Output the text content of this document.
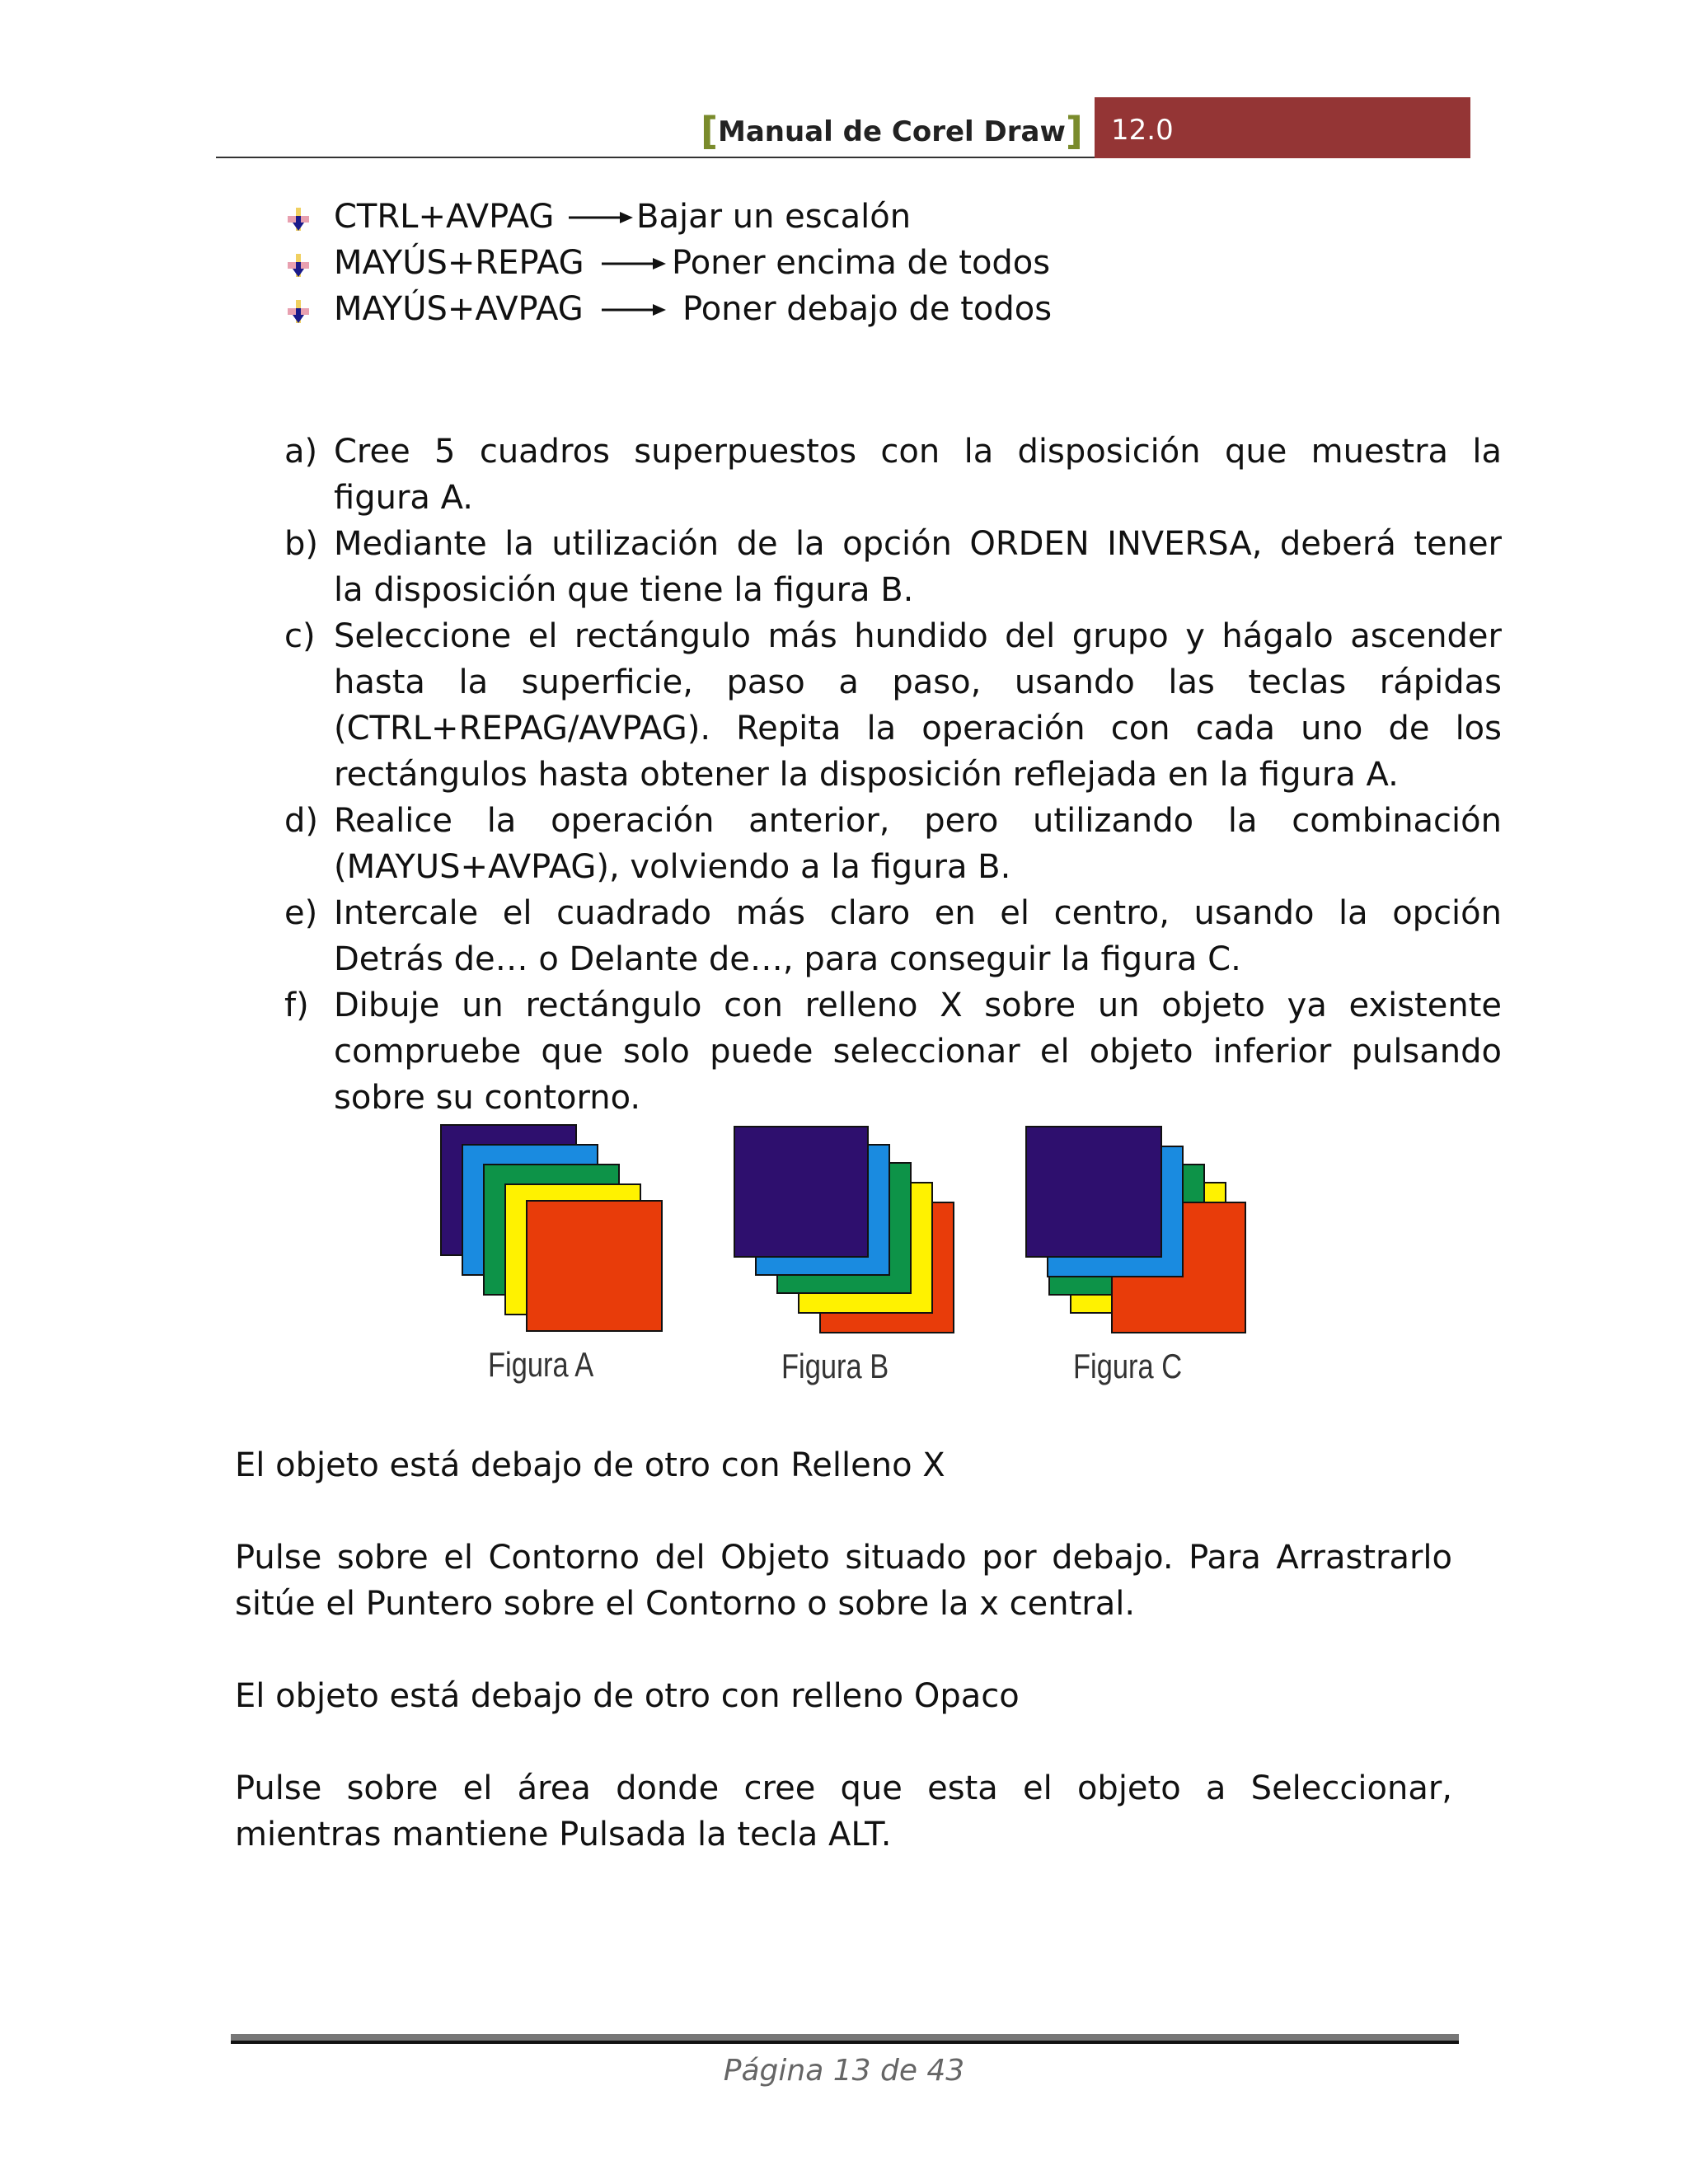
[Manual de Corel Draw] 12.0
CTRL+AVPAG Bajar un escalón
MAYÚS+REPAG	Poner encima de todos
MAYÚS+AVPAG	Poner debajo de todos
a) Cree 5 cuadros superpuestos con la disposición que muestra la
figura A.
b) Mediante la utilización de la opción ORDEN INVERSA, deberá tener
la disposición que tiene la figura B.
c) Seleccione el rectángulo más hundido del grupo y hágalo ascender
hasta la superficie, paso a paso, usando las teclas rápidas
(CTRL+REPAG/AVPAG). Repita la operación con cada uno de los
rectángulos hasta obtener la disposición reflejada en la figura A.
d) Realice la operación anterior, pero utilizando la combinación
(MAYUS+AVPAG), volviendo a la figura B.
e) Intercale el cuadrado más claro en el centro, usando la opción
Detrás de… o Delante de…, para conseguir la figura C.
f) Dibuje un rectángulo con relleno X sobre un objeto ya existente
compruebe que solo puede seleccionar el objeto inferior pulsando
sobre su contorno.
Figura A	Figura B	Figura C
El objeto está debajo de otro con Relleno X
Pulse sobre el Contorno del Objeto situado por debajo. Para Arrastrarlo
sitúe el Puntero sobre el Contorno o sobre la x central.
El objeto está debajo de otro con relleno Opaco
Pulse sobre el área donde cree que esta el objeto a Seleccionar,
mientras mantiene Pulsada la tecla ALT.
Página 13 de 43
